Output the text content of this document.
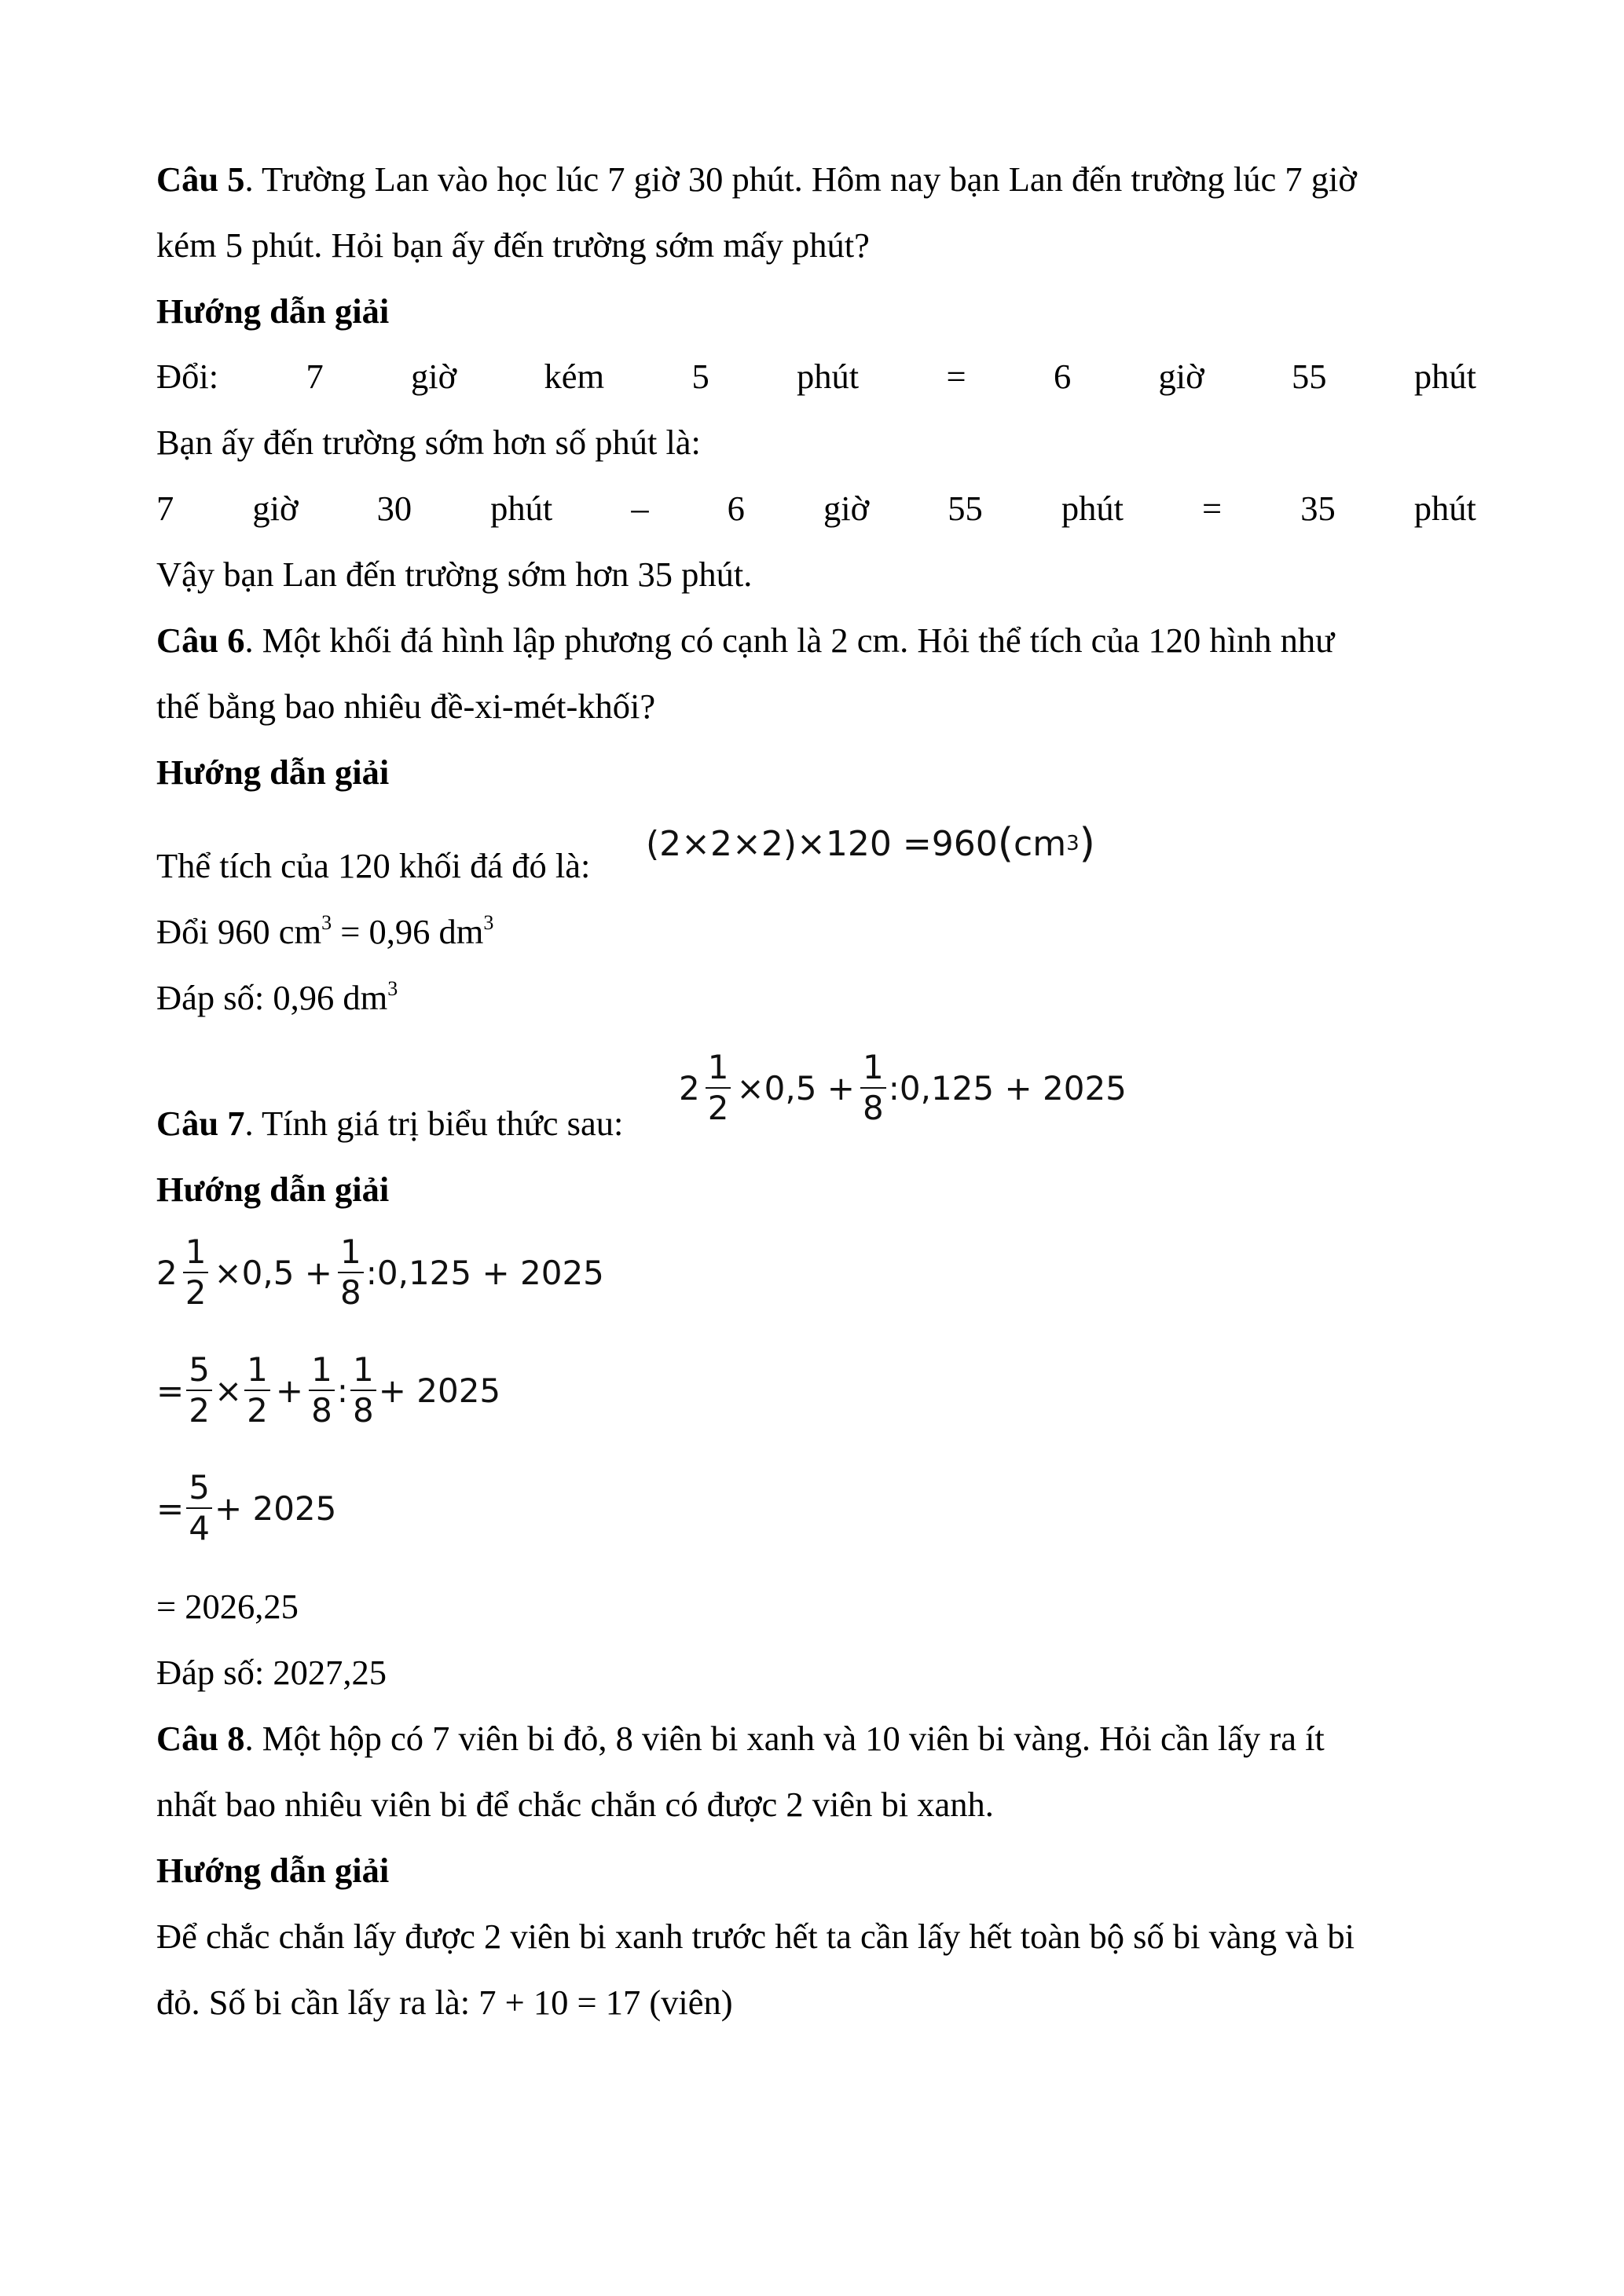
Câu 5. Trường Lan vào học lúc 7 giờ 30 phút. Hôm nay bạn Lan đến trường lúc 7 giờ
kém 5 phút. Hỏi bạn ấy đến trường sớm mấy phút?
Hướng dẫn giải
Đổi:	7	giờ	kém	5	phút	=	6	giờ	55	phút
Bạn ấy đến trường sớm hơn số phút là:
7 giờ 30 phút – 6 giờ 55 phút = 35 phút
Vậy bạn Lan đến trường sớm hơn 35 phút.
Câu 6. Một khối đá hình lập phương có cạnh là 2 cm. Hỏi thể tích của 120 hình như
thế bằng bao nhiêu đề-xi-mét-khối?
Hướng dẫn giải
Thể tích của 120 khối đá đó là:
(2×2×2)×120 =960 ( cm 3 )
Đổi 960 $cm^3 = 0,96$ $dm^3$
Đáp số: 0,96 $dm^3$
Câu 7. Tính giá trị biểu thức sau:
$2 \frac{1}{2} \times 0,5 + \frac{1}{8}$ :0,125 + 2025
Hướng dẫn giải
$2 \frac{1}{2} \times 0,5 + \frac{1}{8}$ :0,125 + 2025
= $\frac{5}{2} \times \frac{1}{2} + \frac{1}{8}$ : $\frac{1}{8} + 2025$
= $\frac{5}{4} + 2025$
= 2026,25
Đáp số: 2027,25
Câu 8. Một hộp có 7 viên bi đỏ, 8 viên bi xanh và 10 viên bi vàng. Hỏi cần lấy ra ít
nhất bao nhiêu viên bi để chắc chắn có được 2 viên bi xanh.
Hướng dẫn giải
Để chắc chắn lấy được 2 viên bi xanh trước hết ta cần lấy hết toàn bộ số bi vàng và bi
đỏ. Số bi cần lấy ra là: 7 + 10 = 17 (viên)
